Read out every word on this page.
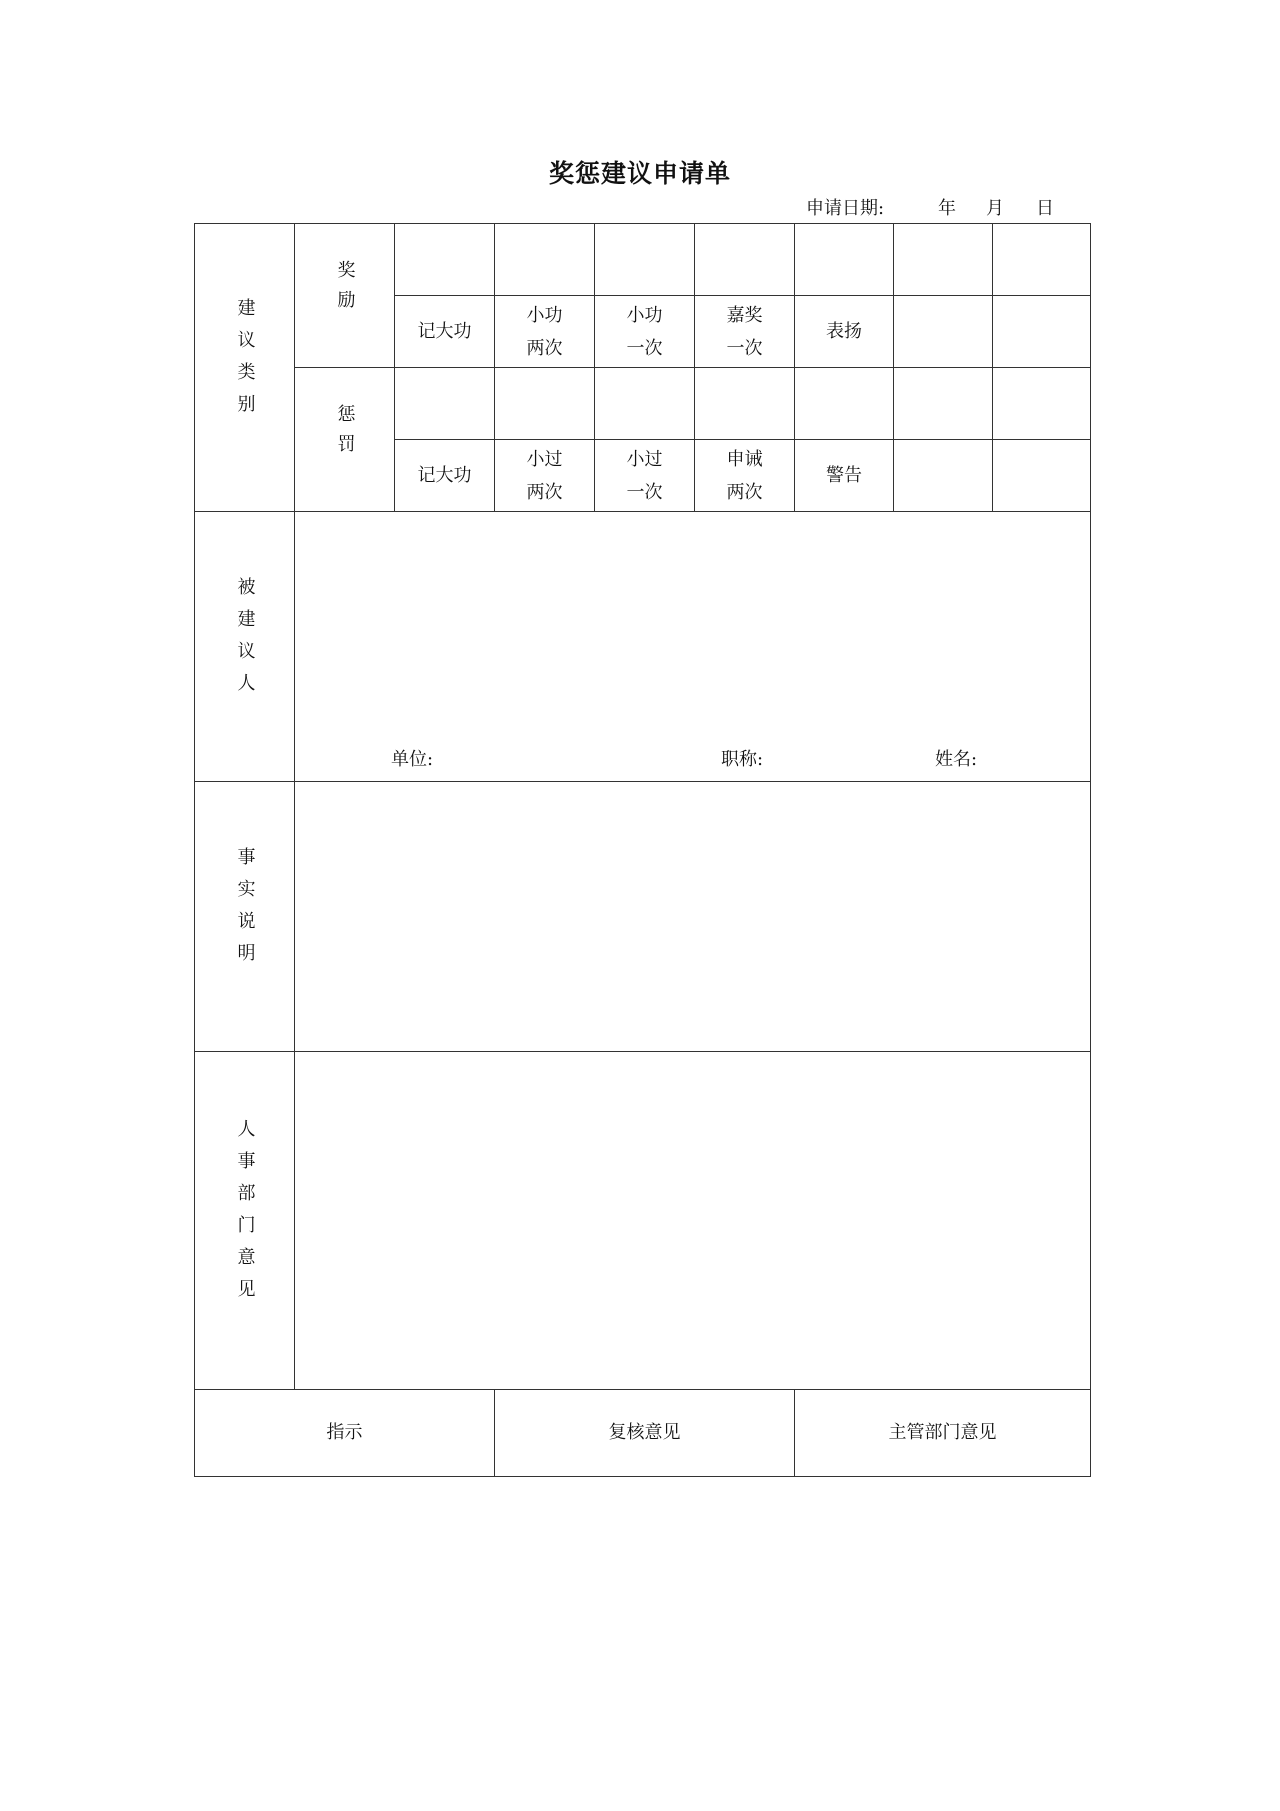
奖惩建议申请单
申请日期:	年 月 日
建议类别	奖励							

		记大功	小功两次	小功一次	嘉奖一次	表扬		

	惩罚							

		记大功	小过两次	小过一次	申诫两次	警告		

被建议人	单位: 职称: 姓名:							

事实说明								
人事部门意见								
指示			复核意见			主管部门意见		
